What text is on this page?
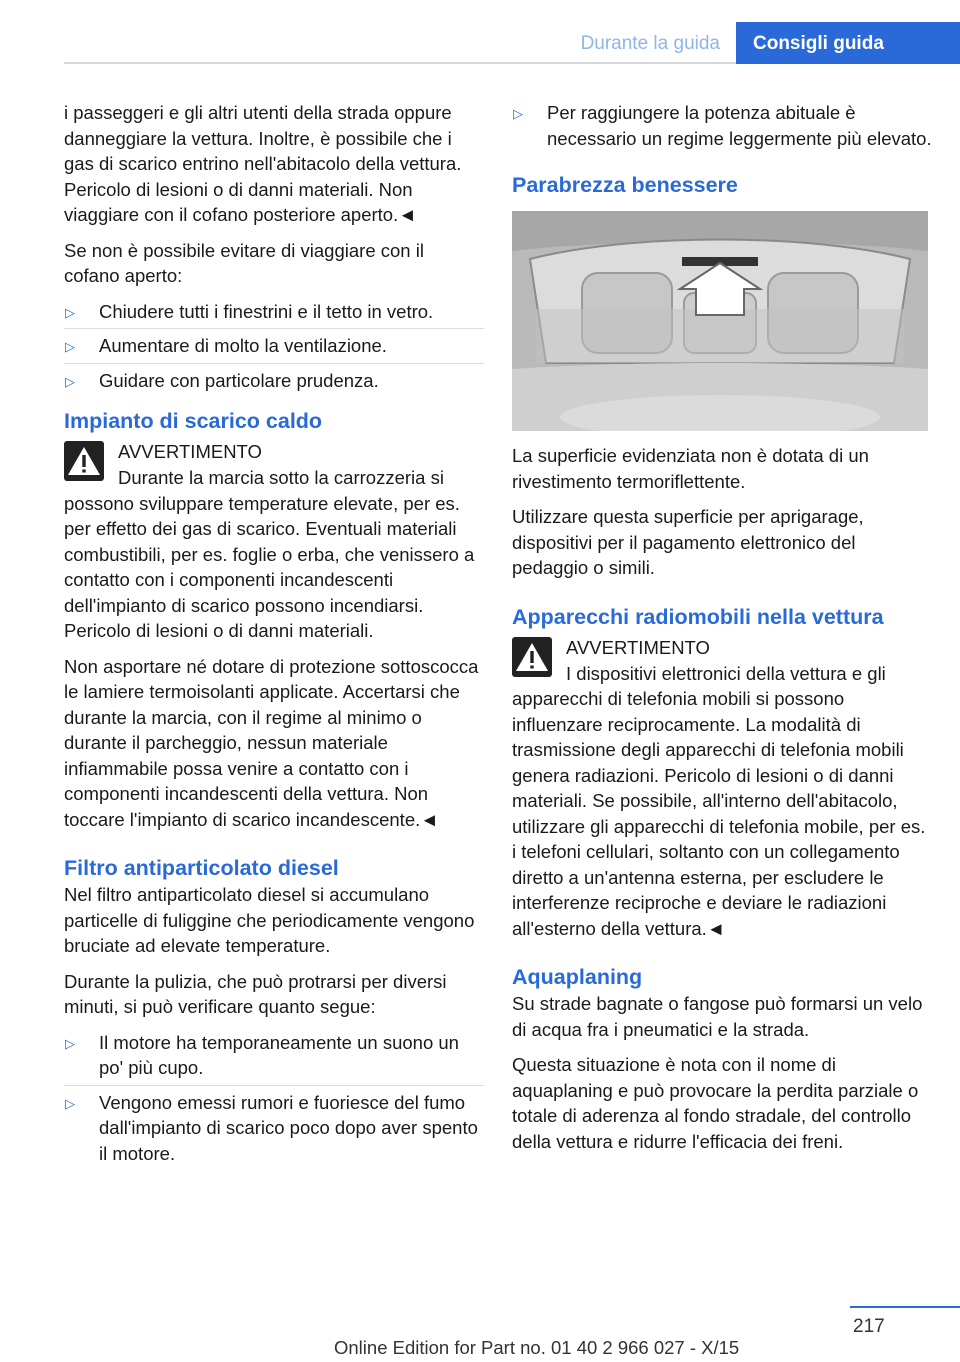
Durante la guida	Consigli guida

i passeggeri e gli altri utenti della strada oppure danneggiare la vettura. Inoltre, è possibile che i gas di scarico entrino nell'abitacolo della vettura. Pericolo di lesioni o di danni materiali. Non viaggiare con il cofano posteriore aperto.◄

Se non è possibile evitare di viaggiare con il cofano aperto:

▷ Chiudere tutti i finestrini e il tetto in vetro.
▷ Aumentare di molto la ventilazione.
▷ Guidare con particolare prudenza.
Impianto di scarico caldo
AVVERTIMENTO

Durante la marcia sotto la carrozzeria si possono sviluppare temperature elevate, per es. per effetto dei gas di scarico. Eventuali materiali combustibili, per es. foglie o erba, che venissero a contatto con i componenti incandescenti dell'impianto di scarico possono incendiarsi. Pericolo di lesioni o di danni materiali.

Non asportare né dotare di protezione sottoscocca le lamiere termoisolanti applicate. Accertarsi che durante la marcia, con il regime al minimo o durante il parcheggio, nessun materiale infiammabile possa venire a contatto con i componenti incandescenti della vettura. Non toccare l'impianto di scarico incandescente.◄

Filtro antiparticolato diesel

Nel filtro antiparticolato diesel si accumulano particelle di fuliggine che periodicamente vengono bruciate ad elevate temperature.

Durante la pulizia, che può protrarsi per diversi minuti, si può verificare quanto segue:

▷ Il motore ha temporaneamente un suono un po' più cupo.
▷ Vengono emessi rumori e fuoriesce del fumo dall'impianto di scarico poco dopo aver spento il motore.
▷ Per raggiungere la potenza abituale è necessario un regime leggermente più elevato.
Parabrezza benessere

La superficie evidenziata non è dotata di un rivestimento termoriflettente.

Utilizzare questa superficie per aprigarage, dispositivi per il pagamento elettronico del pedaggio o simili.

Apparecchi radiomobili nella vettura
AVVERTIMENTO

I dispositivi elettronici della vettura e gli apparecchi di telefonia mobili si possono influenzare reciprocamente. La modalità di trasmissione degli apparecchi di telefonia mobili genera radiazioni. Pericolo di lesioni o di danni materiali. Se possibile, all'interno dell'abitacolo, utilizzare gli apparecchi di telefonia mobile, per es. i telefoni cellulari, soltanto con un collegamento diretto a un'antenna esterna, per escludere le interferenze reciproche e deviare le radiazioni all'esterno della vettura.◄

Aquaplaning

Su strade bagnate o fangose può formarsi un velo di acqua fra i pneumatici e la strada.

Questa situazione è nota con il nome di aquaplaning e può provocare la perdita parziale o totale di aderenza al fondo stradale, del controllo della vettura e ridurre l'efficacia dei freni.

217
Online Edition for Part no. 01 40 2 966 027 - X/15
